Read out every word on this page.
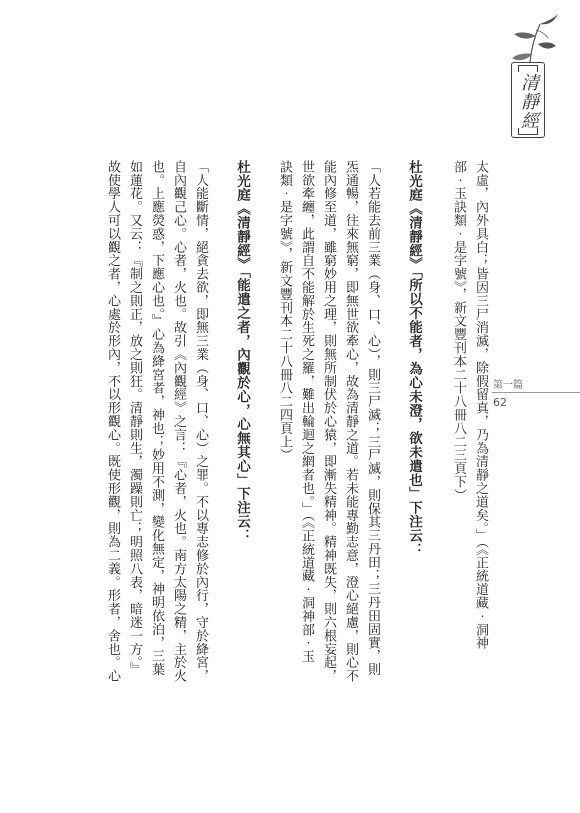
清靜經
第一篇
62
太虛，內外具白；皆因三尸消滅，除假留真，乃為清靜之道矣。」（《正統道藏‧洞神
部‧玉訣類‧是字號》，新文豐刊本二十八冊八二三頁下）
杜光庭《清靜經》「所以不能者，為心未澄，欲未遣也」下注云：
「人若能去前三業（身、口、心），則三尸滅；三尸滅，則保其三丹田；三丹田固實，則
炁通暢，往來無窮，即無世欲牽心，故為清靜之道。若未能專勤志意，澄心絕慮，則心不
能內修至道，雖窮妙用之理，則無所制伏於心猿，即漸失精神。精神既失，則六根妄起，
世欲牽纏，此謂自不能解於生死之羅，難出輪迴之網者也。」（《正統道藏‧洞神部‧玉
訣類‧是字號》，新文豐刊本二十八冊八二四頁上）
杜光庭《清靜經》「能遣之者，內觀於心，心無其心」下注云：
「人能斷情，絕貪去欲，即無三業（身、口、心）之罪。不以專志修於內行，守於絳宮，
自內觀己心。心者，火也。故引《內觀經》之言：『心者，火也。南方太陽之精，主於火
也。上應熒惑，下應心也。』心為絳宮者，神也；妙用不測，變化無定，神明依泊，三葉
如蓮花。又云：『制之則正，放之則狂。清靜則生，濁躁則亡；明照八表，暗迷一方。』
故使學人可以觀之者，心處於形內，不以形觀心。既使形觀，則為二義。形者，舍也。心
